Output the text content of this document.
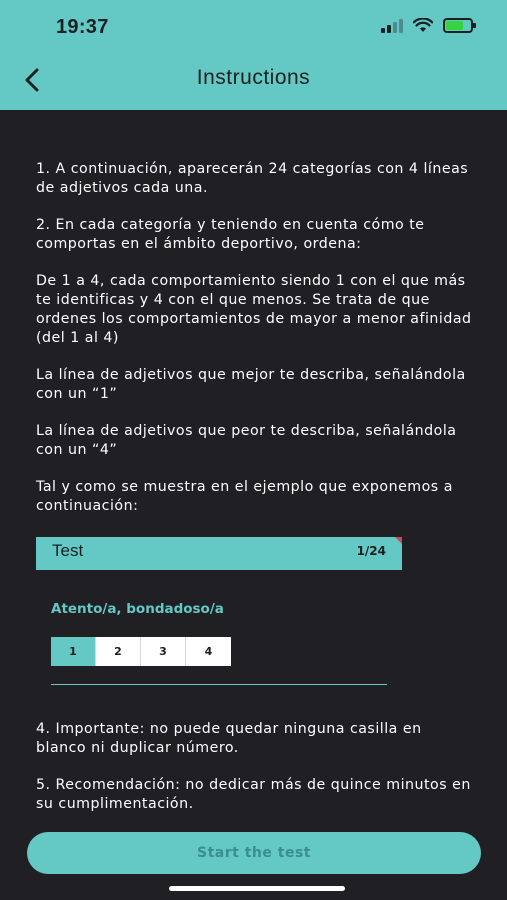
19:37
Instructions

1. A continuación, aparecerán 24 categorías con 4 líneas de adjetivos cada una.

2. En cada categoría y teniendo en cuenta cómo te comportas en el ámbito deportivo, ordena:

De 1 a 4, cada comportamiento siendo 1 con el que más te identificas y 4 con el que menos. Se trata de que ordenes los comportamientos de mayor a menor afinidad (del 1 al 4)

La línea de adjetivos que mejor te describa, señalándola con un “1”

La línea de adjetivos que peor te describa, señalándola con un “4”

Tal y como se muestra en el ejemplo que exponemos a continuación:

Test	1/24
Atento/a, bondadoso/a
1	2	3	4

4. Importante: no puede quedar ninguna casilla en blanco ni duplicar número.

5. Recomendación: no dedicar más de quince minutos en su cumplimentación.

Start the test
